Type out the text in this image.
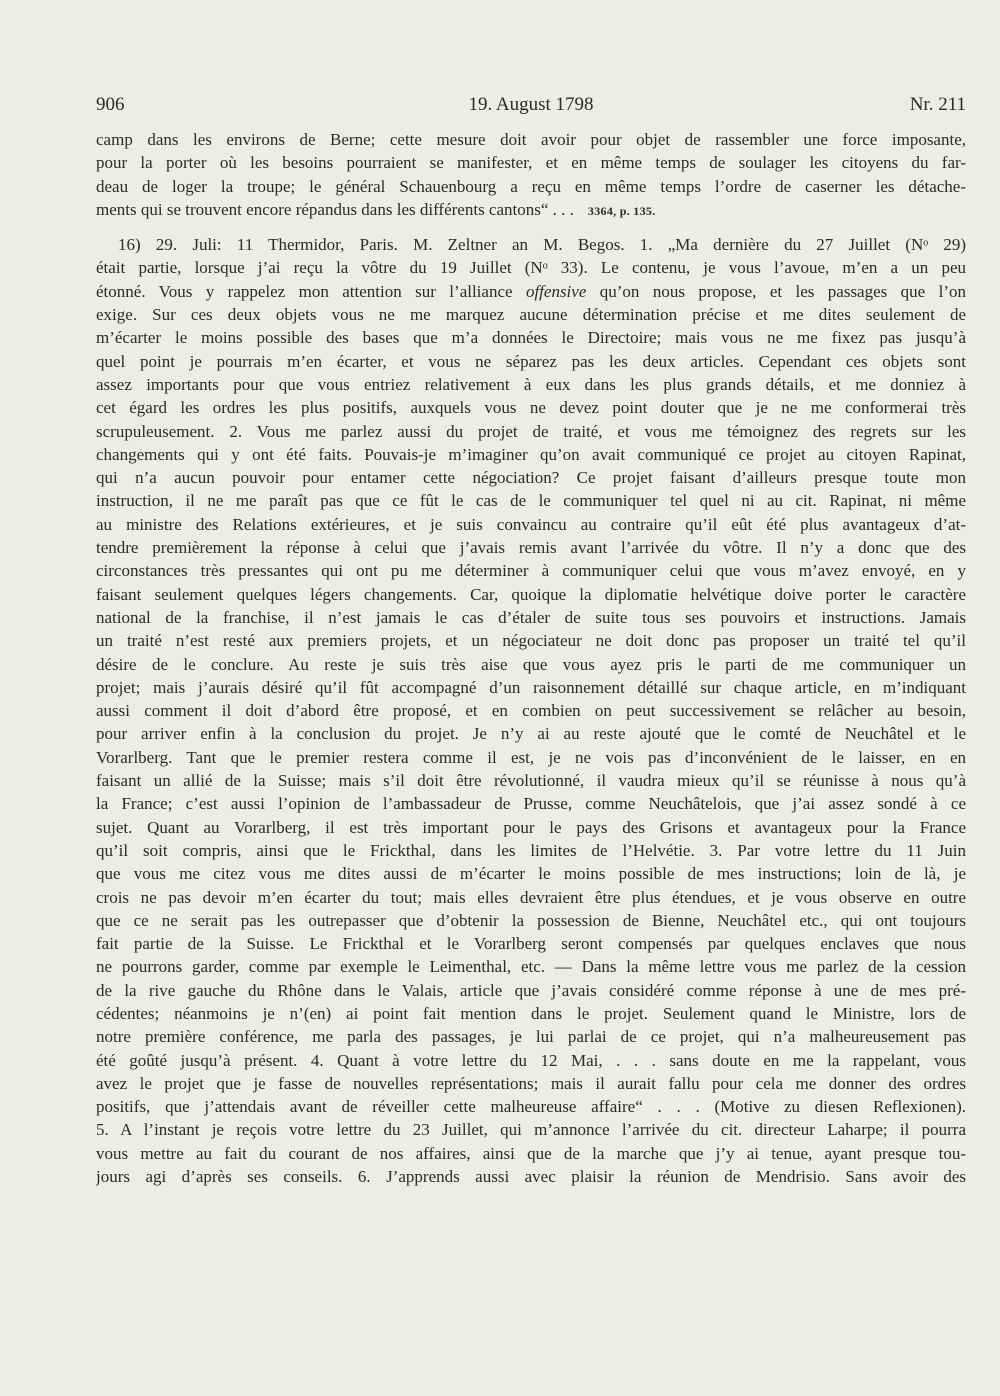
906	19. August 1798	Nr. 211
camp dans les environs de Berne; cette mesure doit avoir pour objet de rassembler une force imposante,
pour la porter où les besoins pourraient se manifester, et en même temps de soulager les citoyens du far-
deau de loger la troupe; le général Schauenbourg a reçu en même temps l’ordre de caserner les détache-
ments qui se trouvent encore répandus dans les différents cantons“ . . . 3364, p. 135.
16) 29. Juli: 11 Thermidor, Paris. M. Zeltner an M. Begos. 1. „Ma dernière du 27 Juillet (Nᵒ 29)
était partie, lorsque j’ai reçu la vôtre du 19 Juillet (Nᵒ 33). Le contenu, je vous l’avoue, m’en a un peu
étonné. Vous y rappelez mon attention sur l’alliance offensive qu’on nous propose, et les passages que l’on
exige. Sur ces deux objets vous ne me marquez aucune détermination précise et me dites seulement de
m’écarter le moins possible des bases que m’a données le Directoire; mais vous ne me fixez pas jusqu’à
quel point je pourrais m’en écarter, et vous ne séparez pas les deux articles. Cependant ces objets sont
assez importants pour que vous entriez relativement à eux dans les plus grands détails, et me donniez à
cet égard les ordres les plus positifs, auxquels vous ne devez point douter que je ne me conformerai très
scrupuleusement. 2. Vous me parlez aussi du projet de traité, et vous me témoignez des regrets sur les
changements qui y ont été faits. Pouvais-je m’imaginer qu’on avait communiqué ce projet au citoyen Rapinat,
qui n’a aucun pouvoir pour entamer cette négociation? Ce projet faisant d’ailleurs presque toute mon
instruction, il ne me paraît pas que ce fût le cas de le communiquer tel quel ni au cit. Rapinat, ni même
au ministre des Relations extérieures, et je suis convaincu au contraire qu’il eût été plus avantageux d’at-
tendre premièrement la réponse à celui que j’avais remis avant l’arrivée du vôtre. Il n’y a donc que des
circonstances très pressantes qui ont pu me déterminer à communiquer celui que vous m’avez envoyé, en y
faisant seulement quelques légers changements. Car, quoique la diplomatie helvétique doive porter le caractère
national de la franchise, il n’est jamais le cas d’étaler de suite tous ses pouvoirs et instructions. Jamais
un traité n’est resté aux premiers projets, et un négociateur ne doit donc pas proposer un traité tel qu’il
désire de le conclure. Au reste je suis très aise que vous ayez pris le parti de me communiquer un
projet; mais j’aurais désiré qu’il fût accompagné d’un raisonnement détaillé sur chaque article, en m’indiquant
aussi comment il doit d’abord être proposé, et en combien on peut successivement se relâcher au besoin,
pour arriver enfin à la conclusion du projet. Je n’y ai au reste ajouté que le comté de Neuchâtel et le
Vorarlberg. Tant que le premier restera comme il est, je ne vois pas d’inconvénient de le laisser, en en
faisant un allié de la Suisse; mais s’il doit être révolutionné, il vaudra mieux qu’il se réunisse à nous qu’à
la France; c’est aussi l’opinion de l’ambassadeur de Prusse, comme Neuchâtelois, que j’ai assez sondé à ce
sujet. Quant au Vorarlberg, il est très important pour le pays des Grisons et avantageux pour la France
qu’il soit compris, ainsi que le Frickthal, dans les limites de l’Helvétie. 3. Par votre lettre du 11 Juin
que vous me citez vous me dites aussi de m’écarter le moins possible de mes instructions; loin de là, je
crois ne pas devoir m’en écarter du tout; mais elles devraient être plus étendues, et je vous observe en outre
que ce ne serait pas les outrepasser que d’obtenir la possession de Bienne, Neuchâtel etc., qui ont toujours
fait partie de la Suisse. Le Frickthal et le Vorarlberg seront compensés par quelques enclaves que nous
ne pourrons garder, comme par exemple le Leimenthal, etc. — Dans la même lettre vous me parlez de la cession
de la rive gauche du Rhône dans le Valais, article que j’avais considéré comme réponse à une de mes pré-
cédentes; néanmoins je n’(en) ai point fait mention dans le projet. Seulement quand le Ministre, lors de
notre première conférence, me parla des passages, je lui parlai de ce projet, qui n’a malheureusement pas
été goûté jusqu’à présent. 4. Quant à votre lettre du 12 Mai, . . . sans doute en me la rappelant, vous
avez le projet que je fasse de nouvelles représentations; mais il aurait fallu pour cela me donner des ordres
positifs, que j’attendais avant de réveiller cette malheureuse affaire“ . . . (Motive zu diesen Reflexionen).
5. A l’instant je reçois votre lettre du 23 Juillet, qui m’annonce l’arrivée du cit. directeur Laharpe; il pourra
vous mettre au fait du courant de nos affaires, ainsi que de la marche que j’y ai tenue, ayant presque tou-
jours agi d’après ses conseils. 6. J’apprends aussi avec plaisir la réunion de Mendrisio. Sans avoir des
